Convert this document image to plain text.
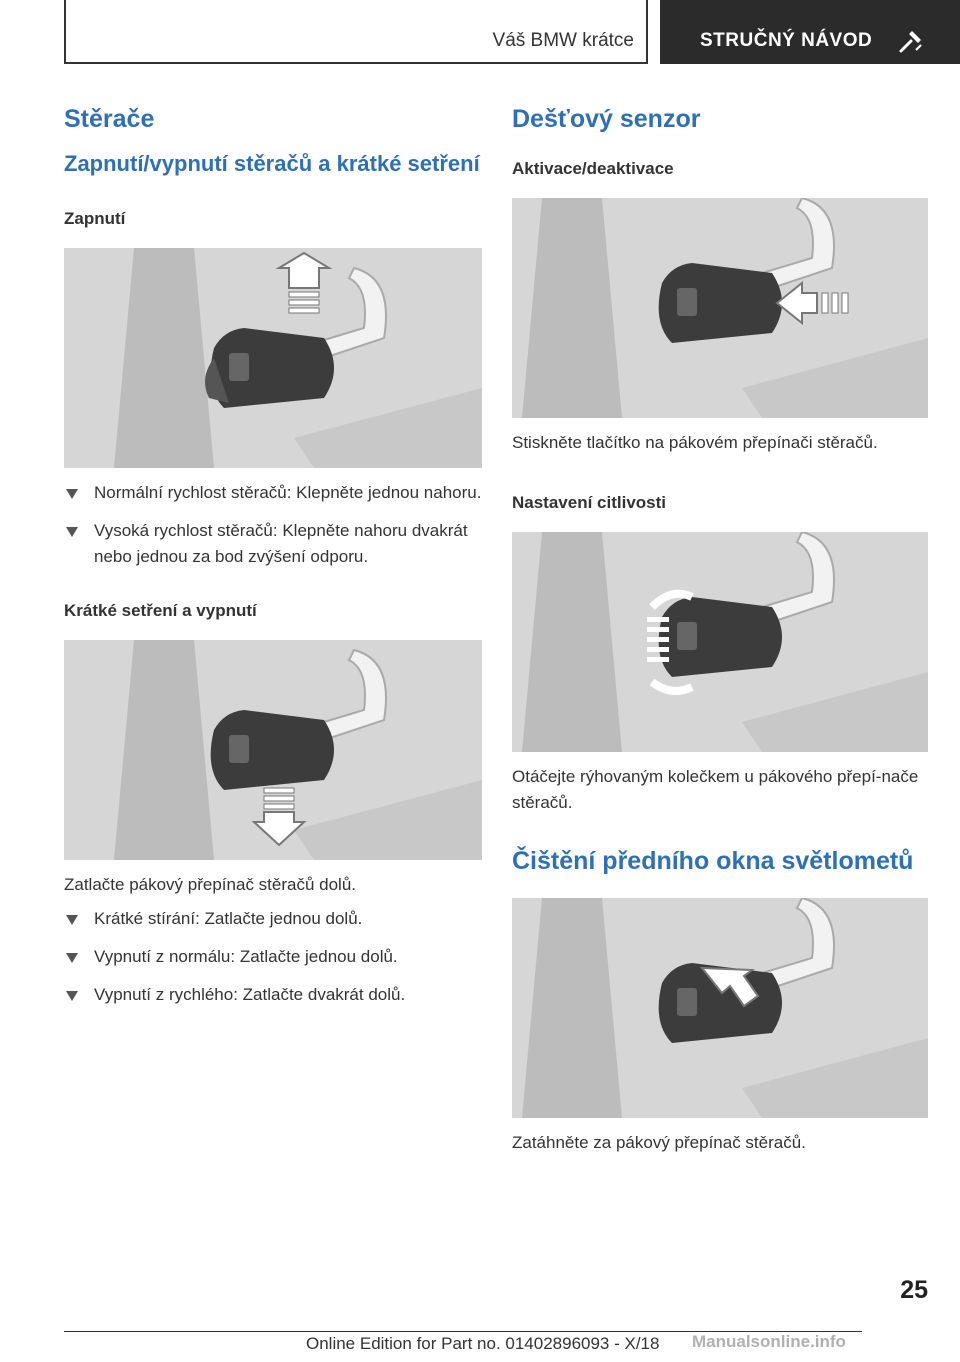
Váš BMW krátce	STRUČNÝ NÁVOD
Stěrače
Zapnutí/vypnutí stěračů a krátké setření
Zapnutí
Normální rychlost stěračů: Klepněte jednou nahoru.
Vysoká rychlost stěračů: Klepněte nahoru dvakrát nebo jednou za bod zvýšení odporu.
Krátké setření a vypnutí

Zatlačte pákový přepínač stěračů dolů.

Krátké stírání: Zatlačte jednou dolů.
Vypnutí z normálu: Zatlačte jednou dolů.
Vypnutí z rychlého: Zatlačte dvakrát dolů.
Dešťový senzor
Aktivace/deaktivace

Stiskněte tlačítko na pákovém přepínači stěračů.

Nastavení citlivosti

Otáčejte rýhovaným kolečkem u pákového přepí-nače stěračů.

Čištění předního okna světlometů

Zatáhněte za pákový přepínač stěračů.

25
Online Edition for Part no. 01402896093 - X/18 Manualsonline.info
